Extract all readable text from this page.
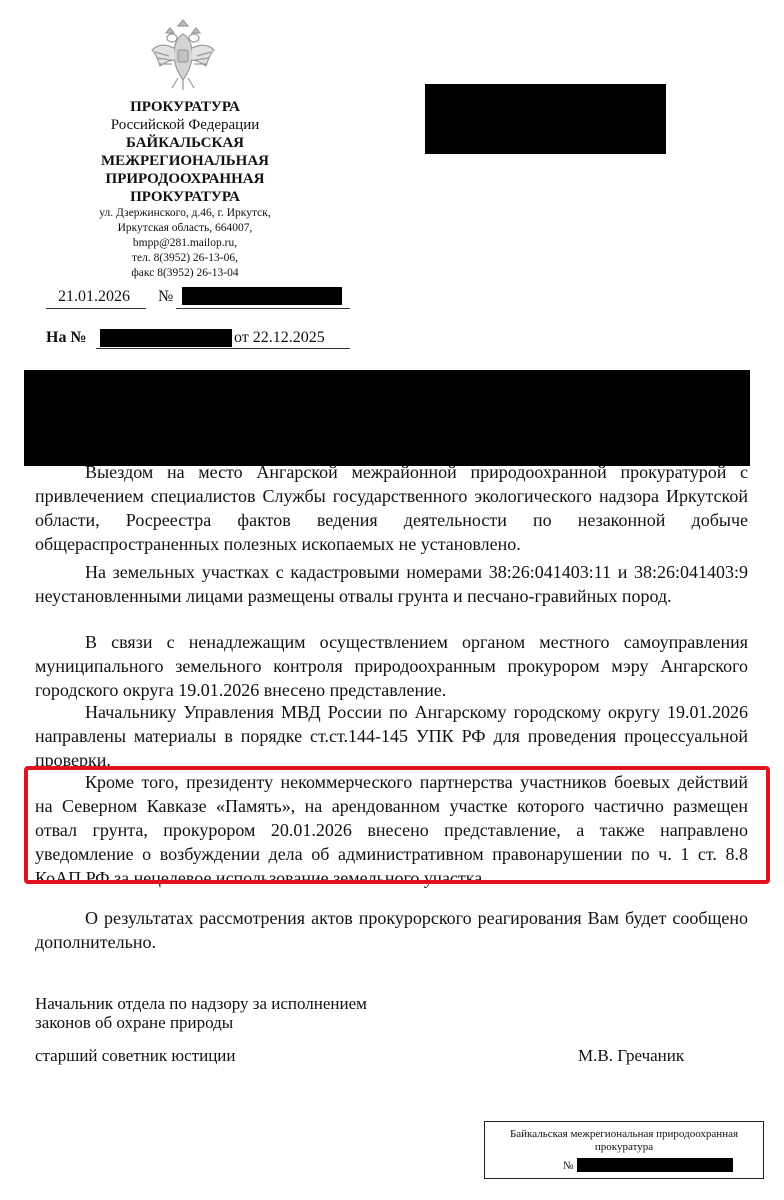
ПРОКУРАТУРА
Российской Федерации
БАЙКАЛЬСКАЯ
МЕЖРЕГИОНАЛЬНАЯ
ПРИРОДООХРАННАЯ
ПРОКУРАТУРА
ул. Дзержинского, д.46, г. Иркутск,
Иркутская область, 664007,
bmpp@281.mailop.ru,
тел. 8(3952) 26-13-06,
факс 8(3952) 26-13-04
21.01.2026 №
На №	от 22.12.2025

Выездом на место Ангарской межрайонной природоохранной прокуратурой с привлечением специалистов Службы государственного экологического надзора Иркутской области, Росреестра фактов ведения деятельности по незаконной добыче общераспространенных полезных ископаемых не установлено.

На земельных участках с кадастровыми номерами 38:26:041403:11 и 38:26:041403:9 неустановленными лицами размещены отвалы грунта и песчано-гравийных пород.

В связи с ненадлежащим осуществлением органом местного самоуправления муниципального земельного контроля природоохранным прокурором мэру Ангарского городского округа 19.01.2026 внесено представление.

Начальнику Управления МВД России по Ангарскому городскому округу 19.01.2026 направлены материалы в порядке ст.ст.144-145 УПК РФ для проведения процессуальной проверки.

Кроме того, президенту некоммерческого партнерства участников боевых действий на Северном Кавказе «Память», на арендованном участке которого частично размещен отвал грунта, прокурором 20.01.2026 внесено представление, а также направлено уведомление о возбуждении дела об административном правонарушении по ч. 1 ст. 8.8 КоАП РФ за нецелевое использование земельного участка.

О результатах рассмотрения актов прокурорского реагирования Вам будет сообщено дополнительно.

Начальник отдела по надзору за исполнением
законов об охране природы
старший советник юстиции	М.В. Гречаник
Байкальская межрегиональная природоохранная
прокуратура
№
